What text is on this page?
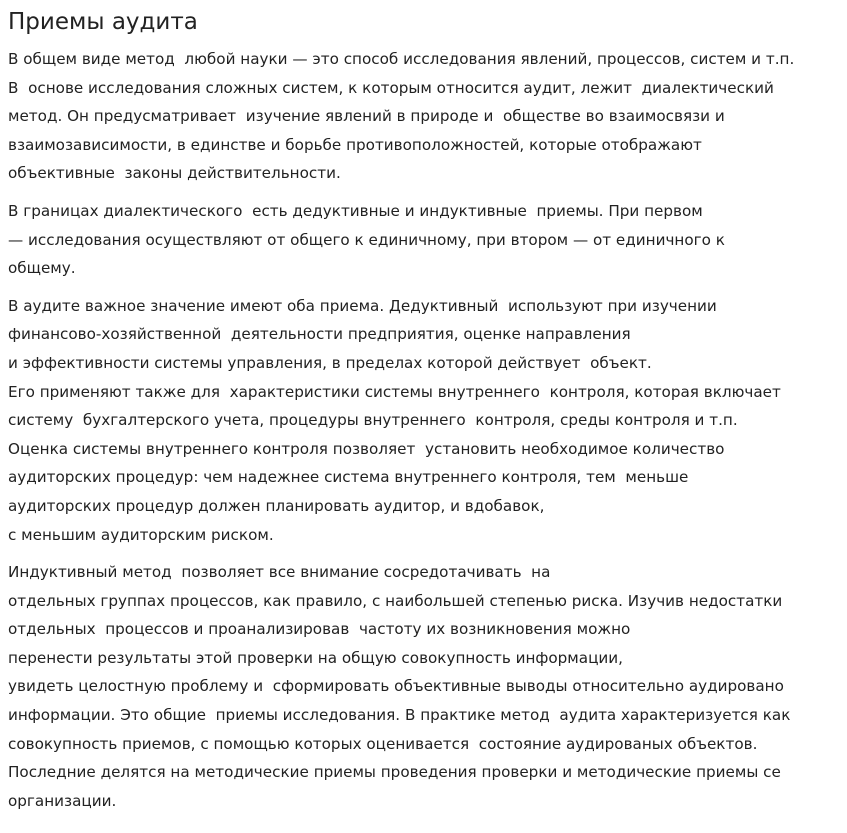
Приемы аудита

В общем виде метод  любой науки — это способ исследования явлений, процессов, систем и т.п.
В  основе исследования сложных систем, к которым относится аудит, лежит  диалектический
метод. Он предусматривает  изучение явлений в природе и  обществе во взаимосвязи и
взаимозависимости, в единстве и борьбе противоположностей, которые отображают
объективные  законы действительности.

В границах диалектического  есть дедуктивные и индуктивные  приемы. При первом
— исследования осуществляют от общего к единичному, при втором — от единичного к
общему.

В аудите важное значение имеют оба приема. Дедуктивный  используют при изучении
финансово-хозяйственной  деятельности предприятия, оценке направления
и эффективности системы управления, в пределах которой действует  объект.
Его применяют также для  характеристики системы внутреннего  контроля, которая включает
систему  бухгалтерского учета, процедуры внутреннего  контроля, среды контроля и т.п.
Оценка системы внутреннего контроля позволяет  установить необходимое количество
аудиторских процедур: чем надежнее система внутреннего контроля, тем  меньше
аудиторских процедур должен планировать аудитор, и вдобавок,
с меньшим аудиторским риском.

Индуктивный метод  позволяет все внимание сосредотачивать  на
отдельных группах процессов, как правило, с наибольшей степенью риска. Изучив недостатки
отдельных  процессов и проанализировав  частоту их возникновения можно
перенести результаты этой проверки на общую совокупность информации,
увидеть целостную проблему и  сформировать объективные выводы относительно аудировано
информации. Это общие  приемы исследования. В практике метод  аудита характеризуется как
совокупность приемов, с помощью которых оценивается  состояние аудированых объектов.
Последние делятся на методические приемы проведения проверки и методические приемы се
организации.
